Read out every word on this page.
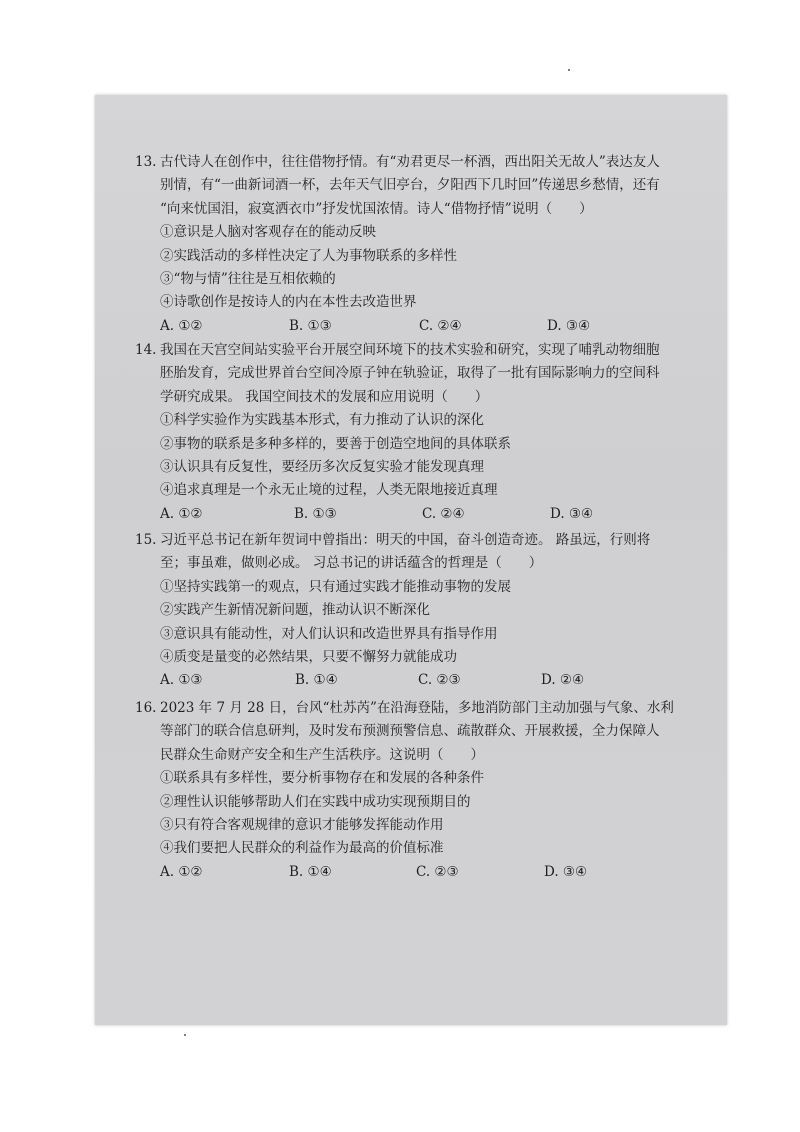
13. 古代诗人在创作中，往往借物抒情。有“劝君更尽一杯酒，西出阳关无故人”表达友人

别情，有“一曲新词酒一杯，去年天气旧亭台，夕阳西下几时回”传递思乡愁情，还有

“向来忧国泪，寂寞洒衣巾”抒发忧国浓情。诗人“借物抒情”说明（　　）

①意识是人脑对客观存在的能动反映

②实践活动的多样性决定了人为事物联系的多样性

③“物与情”往往是互相依赖的

④诗歌创作是按诗人的内在本性去改造世界

A. ①②	B. ①③	C. ②④	D. ③④

14. 我国在天宫空间站实验平台开展空间环境下的技术实验和研究，实现了哺乳动物细胞

胚胎发育，完成世界首台空间冷原子钟在轨验证，取得了一批有国际影响力的空间科

学研究成果。 我国空间技术的发展和应用说明（　　）

①科学实验作为实践基本形式，有力推动了认识的深化

②事物的联系是多种多样的，要善于创造空地间的具体联系

③认识具有反复性，要经历多次反复实验才能发现真理

④追求真理是一个永无止境的过程，人类无限地接近真理

A. ①②	B. ①③	C. ②④	D. ③④

15. 习近平总书记在新年贺词中曾指出：明天的中国，奋斗创造奇迹。 路虽远，行则将

至；事虽难，做则必成。 习总书记的讲话蕴含的哲理是（　　）

①坚持实践第一的观点，只有通过实践才能推动事物的发展

②实践产生新情况新问题，推动认识不断深化

③意识具有能动性，对人们认识和改造世界具有指导作用

④质变是量变的必然结果，只要不懈努力就能成功

A. ①③	B. ①④	C. ②③	D. ②④

16. 2023 年 7 月 28 日，台风“杜苏芮”在沿海登陆，多地消防部门主动加强与气象、水利

等部门的联合信息研判，及时发布预测预警信息、疏散群众、开展救援，全力保障人

民群众生命财产安全和生产生活秩序。这说明（　　）

①联系具有多样性，要分析事物存在和发展的各种条件

②理性认识能够帮助人们在实践中成功实现预期目的

③只有符合客观规律的意识才能够发挥能动作用

④我们要把人民群众的利益作为最高的价值标准

A. ①②	B. ①④	C. ②③	D. ③④
